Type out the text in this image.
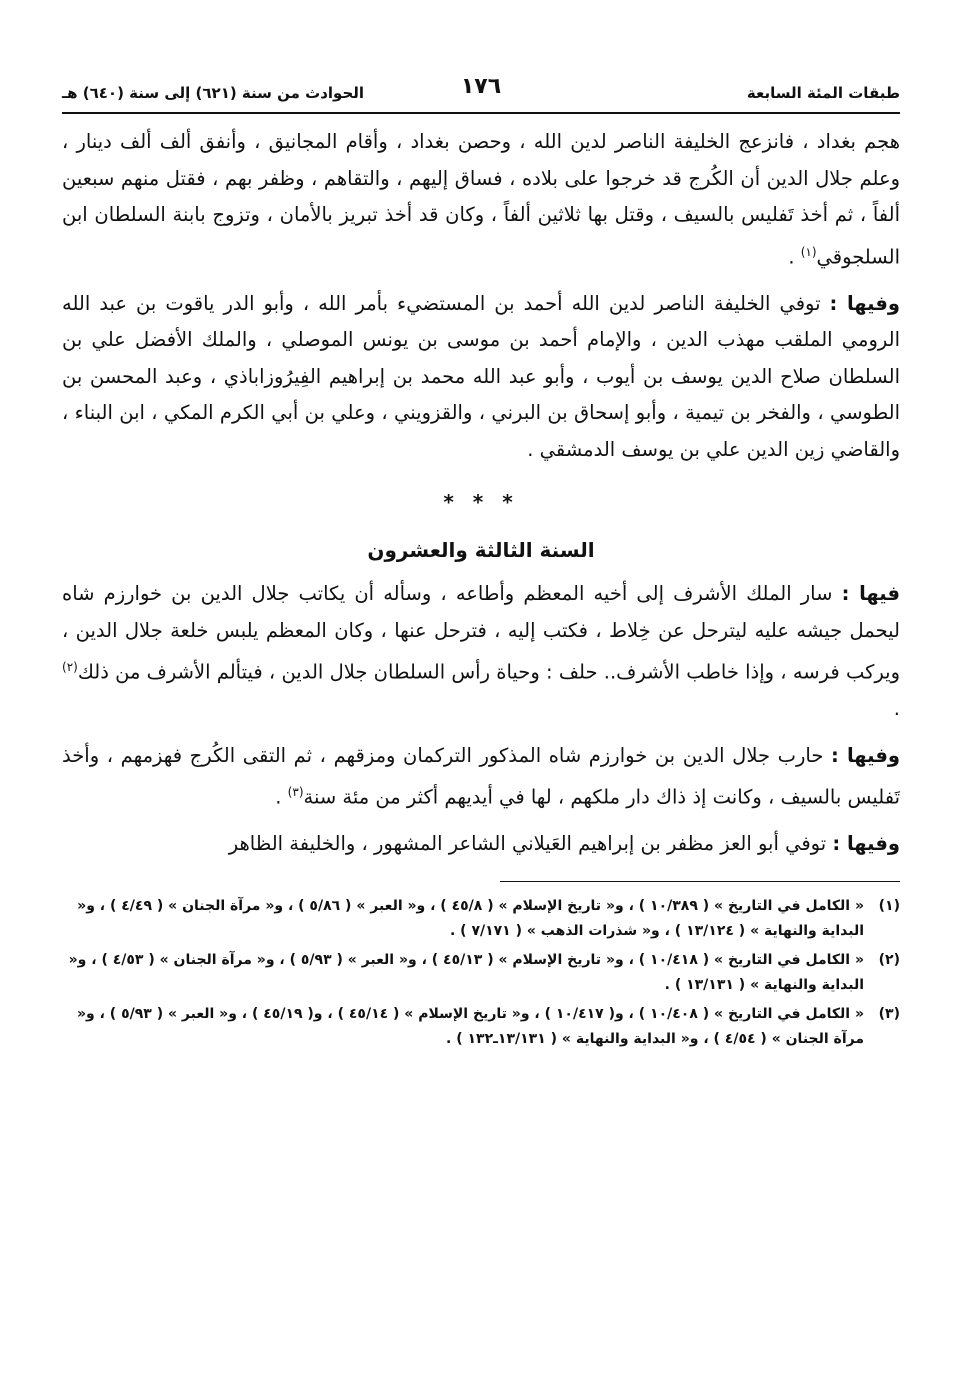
طبقات المئة السابعة
١٧٦
الحوادث من سنة (٦٢١) إلى سنة (٦٤٠) هـ

هجم بغداد ، فانزعج الخليفة الناصر لدين الله ، وحصن بغداد ، وأقام المجانيق ، وأنفق ألف ألف دينار ، وعلم جلال الدين أن الكُرج قد خرجوا على بلاده ، فساق إليهم ، والتقاهم ، وظفر بهم ، فقتل منهم سبعين ألفاً ، ثم أخذ تَفليس بالسيف ، وقتل بها ثلاثين ألفاً ، وكان قد أخذ تبريز بالأمان ، وتزوج بابنة السلطان ابن السلجوقي$^{(١)}$ .

وفيها : توفي الخليفة الناصر لدين الله أحمد بن المستضيء بأمر الله ، وأبو الدر ياقوت بن عبد الله الرومي الملقب مهذب الدين ، والإمام أحمد بن موسى بن يونس الموصلي ، والملك الأفضل علي بن السلطان صلاح الدين يوسف بن أيوب ، وأبو عبد الله محمد بن إبراهيم الفِيرُوزاباذي ، وعبد المحسن بن الطوسي ، والفخر بن تيمية ، وأبو إسحاق بن البرني ، والقزويني ، وعلي بن أبي الكرم المكي ، ابن البناء ، والقاضي زين الدين علي بن يوسف الدمشقي .

* * *
السنة الثالثة والعشرون

فيها : سار الملك الأشرف إلى أخيه المعظم وأطاعه ، وسأله أن يكاتب جلال الدين بن خوارزم شاه ليحمل جيشه عليه ليترحل عن خِلاط ، فكتب إليه ، فترحل عنها ، وكان المعظم يلبس خلعة جلال الدين ، ويركب فرسه ، وإذا خاطب الأشرف.. حلف : وحياة رأس السلطان جلال الدين ، فيتألم الأشرف من ذلك$^{(٢)}$ .

وفيها : حارب جلال الدين بن خوارزم شاه المذكور التركمان ومزقهم ، ثم التقى الكُرج فهزمهم ، وأخذ تَفليس بالسيف ، وكانت إذ ذاك دار ملكهم ، لها في أيديهم أكثر من مئة سنة$^{(٣)}$ .

وفيها : توفي أبو العز مظفر بن إبراهيم العَيلاني الشاعر المشهور ، والخليفة الظاهر

(١)
« الكامل في التاريخ » ( ١٠/٣٨٩ ) ، و« تاريخ الإسلام » ( ٤٥/٨ ) ، و« العبر » ( ٥/٨٦ ) ، و« مرآة الجنان » ( ٤/٤٩ ) ، و« البداية والنهاية » ( ١٣/١٢٤ ) ، و« شذرات الذهب » ( ٧/١٧١ ) .
(٢)
« الكامل في التاريخ » ( ١٠/٤١٨ ) ، و« تاريخ الإسلام » ( ٤٥/١٣ ) ، و« العبر » ( ٥/٩٣ ) ، و« مرآة الجنان » ( ٤/٥٣ ) ، و« البداية والنهاية » ( ١٣/١٣١ ) .
(٣)
« الكامل في التاريخ » ( ١٠/٤٠٨ ) ، و( ١٠/٤١٧ ) ، و« تاريخ الإسلام » ( ٤٥/١٤ ) ، و( ٤٥/١٩ ) ، و« العبر » ( ٥/٩٣ ) ، و« مرآة الجنان » ( ٤/٥٤ ) ، و« البداية والنهاية » ( ١٣/١٣١ـ١٣٢ ) .
